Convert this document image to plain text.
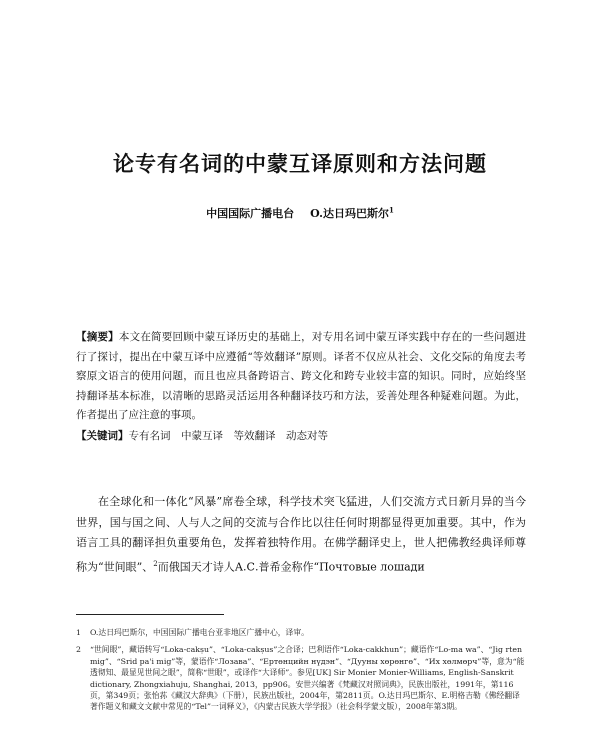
论专有名词的中蒙互译原则和方法问题
中国国际广播电台 O.达日玛巴斯尔$^1$
【摘要】本文在简要回顾中蒙互译历史的基础上，对专用名词中蒙互译实践中存在的一些问题进行了探讨，提出在中蒙互译中应遵循“等效翻译”原则。译者不仅应从社会、文化交际的角度去考察原文语言的使用问题，而且也应具备跨语言、跨文化和跨专业较丰富的知识。同时，应始终坚持翻译基本标准，以清晰的思路灵活运用各种翻译技巧和方法，妥善处理各种疑难问题。为此，作者提出了应注意的事项。
【关键词】专有名词　中蒙互译　等效翻译　动态对等

在全球化和一体化“风暴”席卷全球，科学技术突飞猛进，人们交流方式日新月异的当今世界，国与国之间、人与人之间的交流与合作比以往任何时期都显得更加重要。其中，作为语言工具的翻译担负重要角色，发挥着独特作用。在佛学翻译史上，世人把佛教经典译师尊称为“世间眼”、$^2$而俄国天才诗人А.С.普希金称作“Почтовые лошади

1	O.达日玛巴斯尔，中国国际广播电台亚非地区广播中心，译审。
2	“世间眼”，藏语转写“Loka-cakṣu”、“Loka-cakṣus”之合译；巴利语作“Loka-cakkhun”；藏语作“Lo-ma wa”、“Jig rten mig”、“Srid pa'i mig”等，蒙语作“Лозава”、“Ертөнцийн нүдэн”、“Дууны хөрөнгө”、“Их хөлмөрч”等，意为“能透彻知、最显见世间之眼”，简称“世眼”，或译作“大译师”。参见[UK] Sir Monier Monier-Williams, English-Sanskrit dictionary, Zhongxiahuju, Shanghai, 2013，pp906。安世兴编著《梵藏汉对照词典》，民族出版社，1991年，第116页，第349页；张怡荪《藏汉大辞典》（下册），民族出版社，2004年，第2811页。O.达日玛巴斯尔、E.明格吉勒《佛经翻译著作题义和藏文文献中常见的“Tel”一词释义》，《内蒙古民族大学学报》（社会科学蒙文版），2008年第3期。
